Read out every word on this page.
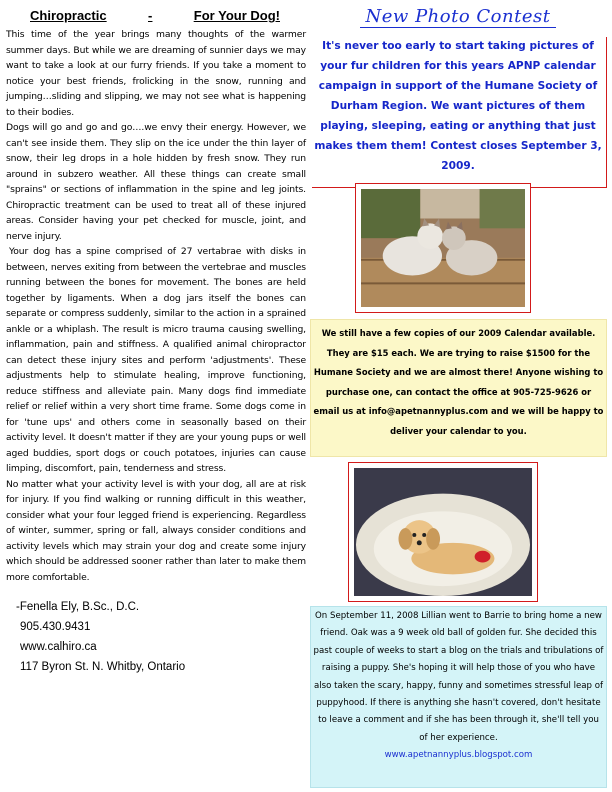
Chiropractic	-	For Your Dog!

This time of the year brings many thoughts of the warmer summer days. But while we are dreaming of sunnier days we may want to take a look at our furry friends. If you take a moment to notice your best friends, frolicking in the snow, running and jumping…sliding and slipping, we may not see what is happening to their bodies.

Dogs will go and go and go….we envy their energy. However, we can't see inside them. They slip on the ice under the thin layer of snow, their leg drops in a hole hidden by fresh snow. They run around in subzero weather. All these things can create small "sprains" or sections of inflammation in the spine and leg joints. Chiropractic treatment can be used to treat all of these injured areas. Consider having your pet checked for muscle, joint, and nerve injury.

Your dog has a spine comprised of 27 vertabrae with disks in between, nerves exiting from between the vertebrae and muscles running between the bones for movement. The bones are held together by ligaments. When a dog jars itself the bones can separate or compress suddenly, similar to the action in a sprained ankle or a whiplash. The result is micro trauma causing swelling, inflammation, pain and stiffness. A qualified animal chiropractor can detect these injury sites and perform 'adjustments'. These adjustments help to stimulate healing, improve functioning, reduce stiffness and alleviate pain. Many dogs find immediate relief or relief within a very short time frame. Some dogs come in for 'tune ups' and others come in seasonally based on their activity level. It doesn't matter if they are your young pups or well aged buddies, sport dogs or couch potatoes, injuries can cause limping, discomfort, pain, tenderness and stress.

No matter what your activity level is with your dog, all are at risk for injury. If you find walking or running difficult in this weather, consider what your four legged friend is experiencing. Regardless of winter, summer, spring or fall, always consider conditions and activity levels which may strain your dog and create some injury which should be addressed sooner rather than later to make them more comfortable.

-Fenella Ely, B.Sc., D.C.
905.430.9431
www.calhiro.ca
117 Byron St. N. Whitby, Ontario
New Photo Contest

It's never too early to start taking pictures of your fur children for this years APNP calendar campaign in support of the Humane Society of Durham Region. We want pictures of them playing, sleeping, eating or anything that just makes them them! Contest closes September 3, 2009.

We still have a few copies of our 2009 Calendar available. They are $15 each. We are trying to raise $1500 for the Humane Society and we are almost there! Anyone wishing to purchase one, can contact the office at 905-725-9626 or email us at info@apetnannyplus.com and we will be happy to deliver your calendar to you.

On September 11, 2008 Lillian went to Barrie to bring home a new friend. Oak was a 9 week old ball of golden fur. She decided this past couple of weeks to start a blog on the trials and tribulations of raising a puppy. She's hoping it will help those of you who have also taken the scary, happy, funny and sometimes stressful leap of puppyhood. If there is anything she hasn't covered, don't hesitate to leave a comment and if she has been through it, she'll tell you of her experience.

www.apetnannyplus.blogspot.com
